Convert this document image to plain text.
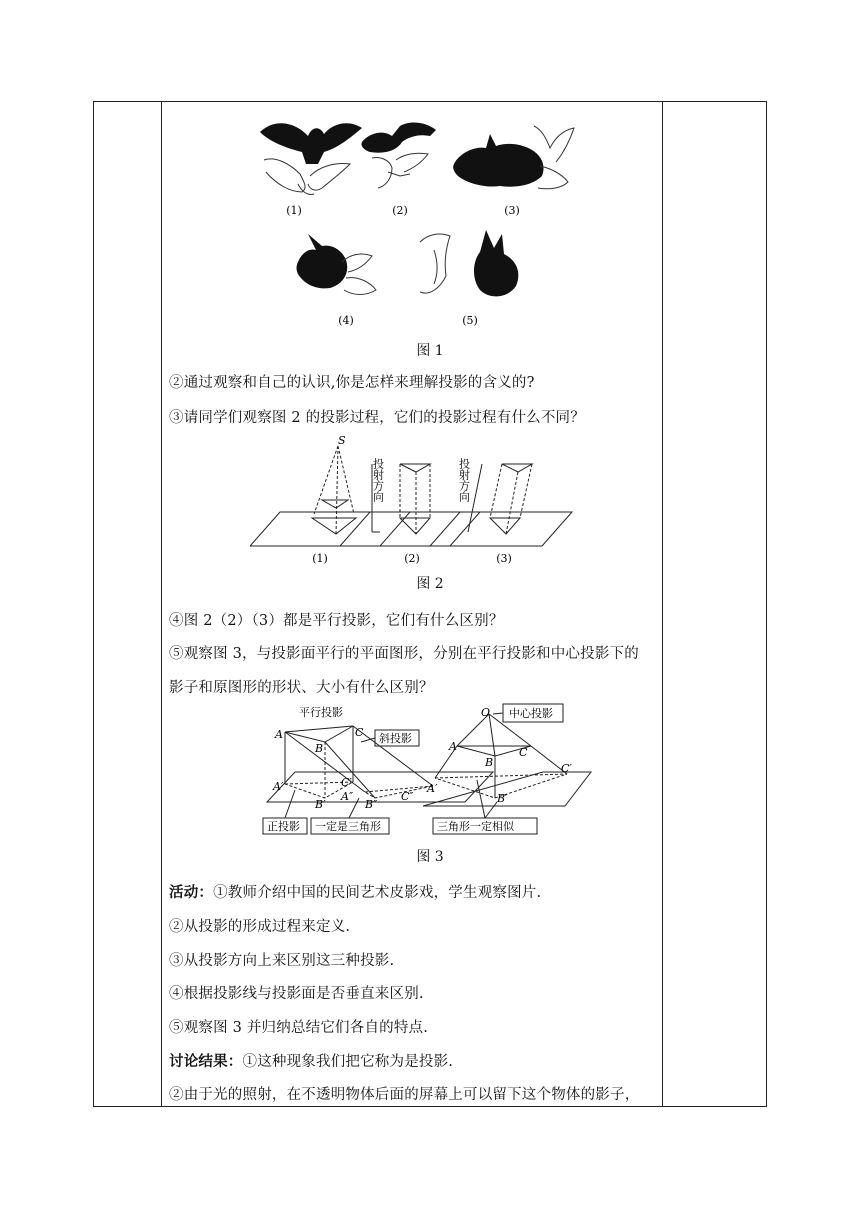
(1)	(2)	(3)
(4)	(5)
图 1
②通过观察和自己的认识,你是怎样来理解投影的含义的?
③请同学们观察图 2 的投影过程，它们的投影过程有什么不同？
S
投射方向	投射方向
(1)	(2)	(3)
图 2
④图 2（2）（3）都是平行投影，它们有什么区别？
⑤观察图 3，与投影面平行的平面图形，分别在平行投影和中心投影下的
影子和原图形的形状、大小有什么区别？
平行投影
斜投影
正投影 一定是三角形
中心投影
三角形一定相似
A
B
C
A′
B′
C′
A″
B″
C″
O
A
B
C
A′
B′
C′
图 3
活动：①教师介绍中国的民间艺术皮影戏，学生观察图片.
②从投影的形成过程来定义.
③从投影方向上来区别这三种投影.
④根据投影线与投影面是否垂直来区别.
⑤观察图 3 并归纳总结它们各自的特点.
讨论结果：①这种现象我们把它称为是投影.
②由于光的照射，在不透明物体后面的屏幕上可以留下这个物体的影子，
